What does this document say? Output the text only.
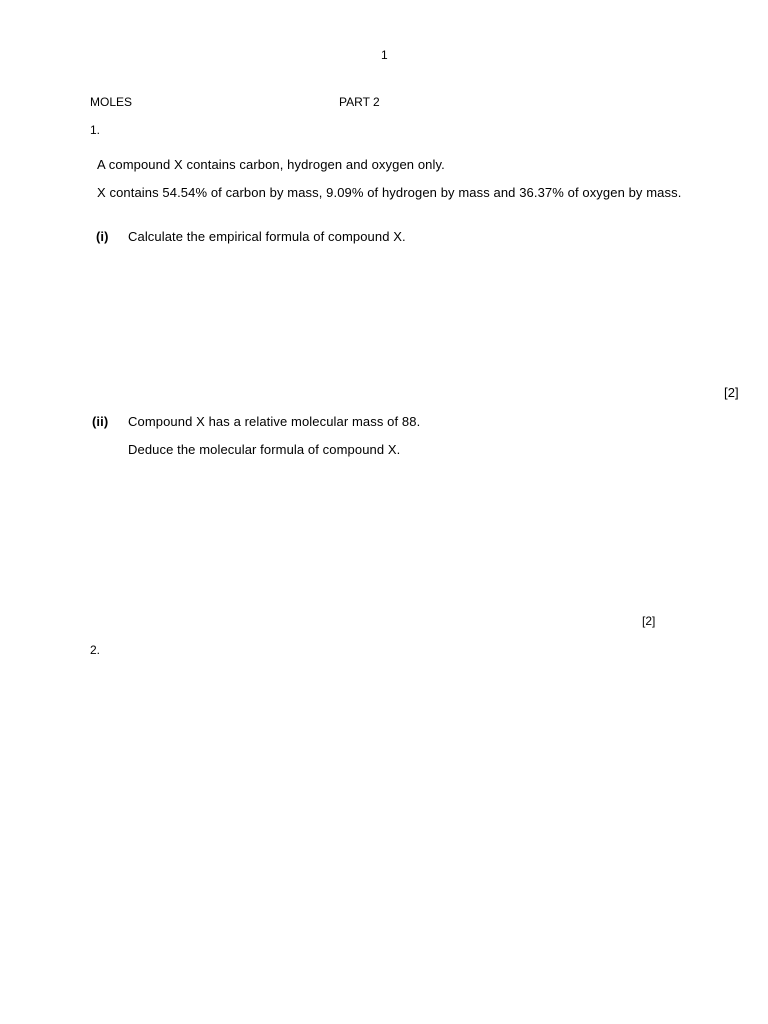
1
MOLES	PART 2
1.
A compound X contains carbon, hydrogen and oxygen only.
X contains 54.54% of carbon by mass, 9.09% of hydrogen by mass and 36.37% of oxygen by mass.
(i) Calculate the empirical formula of compound X.
[2]
(ii) Compound X has a relative molecular mass of 88.
Deduce the molecular formula of compound X.
[2]
2.
